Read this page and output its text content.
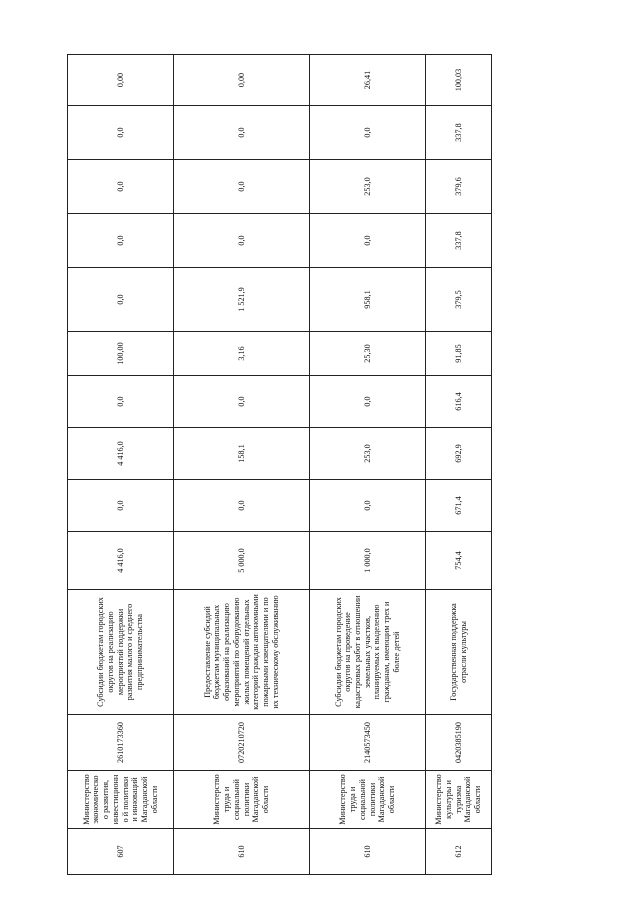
607	Министерство экономическо о развития, инвестиционно й политики и инноваций Магаданской области	2610173360	Субсидии бюджетам городских округов на реализацию мероприятий поддержки развития малого и среднего предпринимательства	4 416,0	0,0	4 416,0	0,0	100,00	0,0	0,0	0,0	0,0	0,00
610	Министерство труда и социальной политики Магаданской области	0720210720	Предоставление субсидий бюджетам муниципальных образований на реализацию мероприятий по оборудованию жилых помещений отдельных категорий граждан автономными пожарными извещателями и по их техническому обслуживанию	5 000,0	0,0	158,1	0,0	3,16	1 521,9	0,0	0,0	0,0	0,00
610	Министерство труда и социальной политики Магаданской области	2140573450	Субсидии бюджетам городских округов на проведение кадастровых работ в отношении земельных участков, планируемых к выделению гражданам, имеющим трех и более детей	1 000,0	0,0	253,0	0,0	25,30	958,1	0,0	253,0	0,0	26,41
612	Министерство культуры и туризма Магаданской области	0420385190	Государственная поддержка отрасли культуры	754,4	671,4	692,9	616,4	91,85	379,5	337,8	379,6	337,8	100,03
